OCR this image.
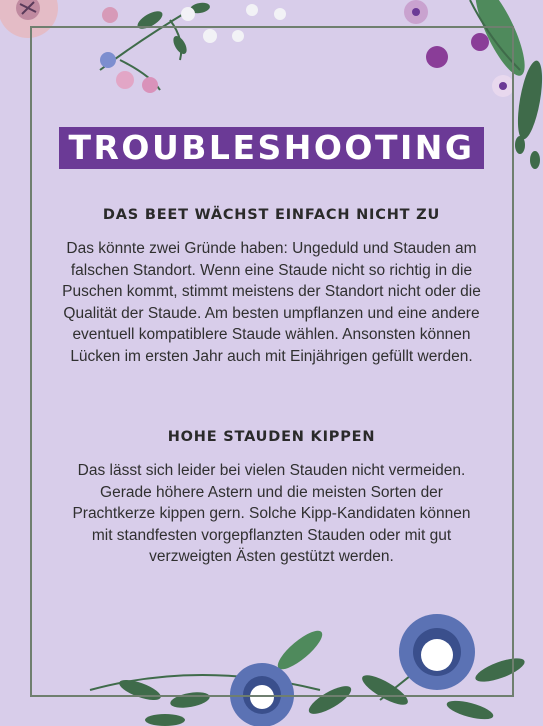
TROUBLESHOOTING
DAS BEET WÄCHST EINFACH NICHT ZU

Das könnte zwei Gründe haben: Ungeduld und Stauden am falschen Standort. Wenn eine Staude nicht so richtig in die Puschen kommt, stimmt meistens der Standort nicht oder die Qualität der Staude. Am besten umpflanzen und eine andere eventuell kompatiblere Staude wählen. Ansonsten können Lücken im ersten Jahr auch mit Einjährigen gefüllt werden.

HOHE STAUDEN KIPPEN

Das lässt sich leider bei vielen Stauden nicht vermeiden. Gerade höhere Astern und die meisten Sorten der Prachtkerze kippen gern. Solche Kipp-Kandidaten können mit standfesten vorgepflanzten Stauden oder mit gut verzweigten Ästen gestützt werden.
